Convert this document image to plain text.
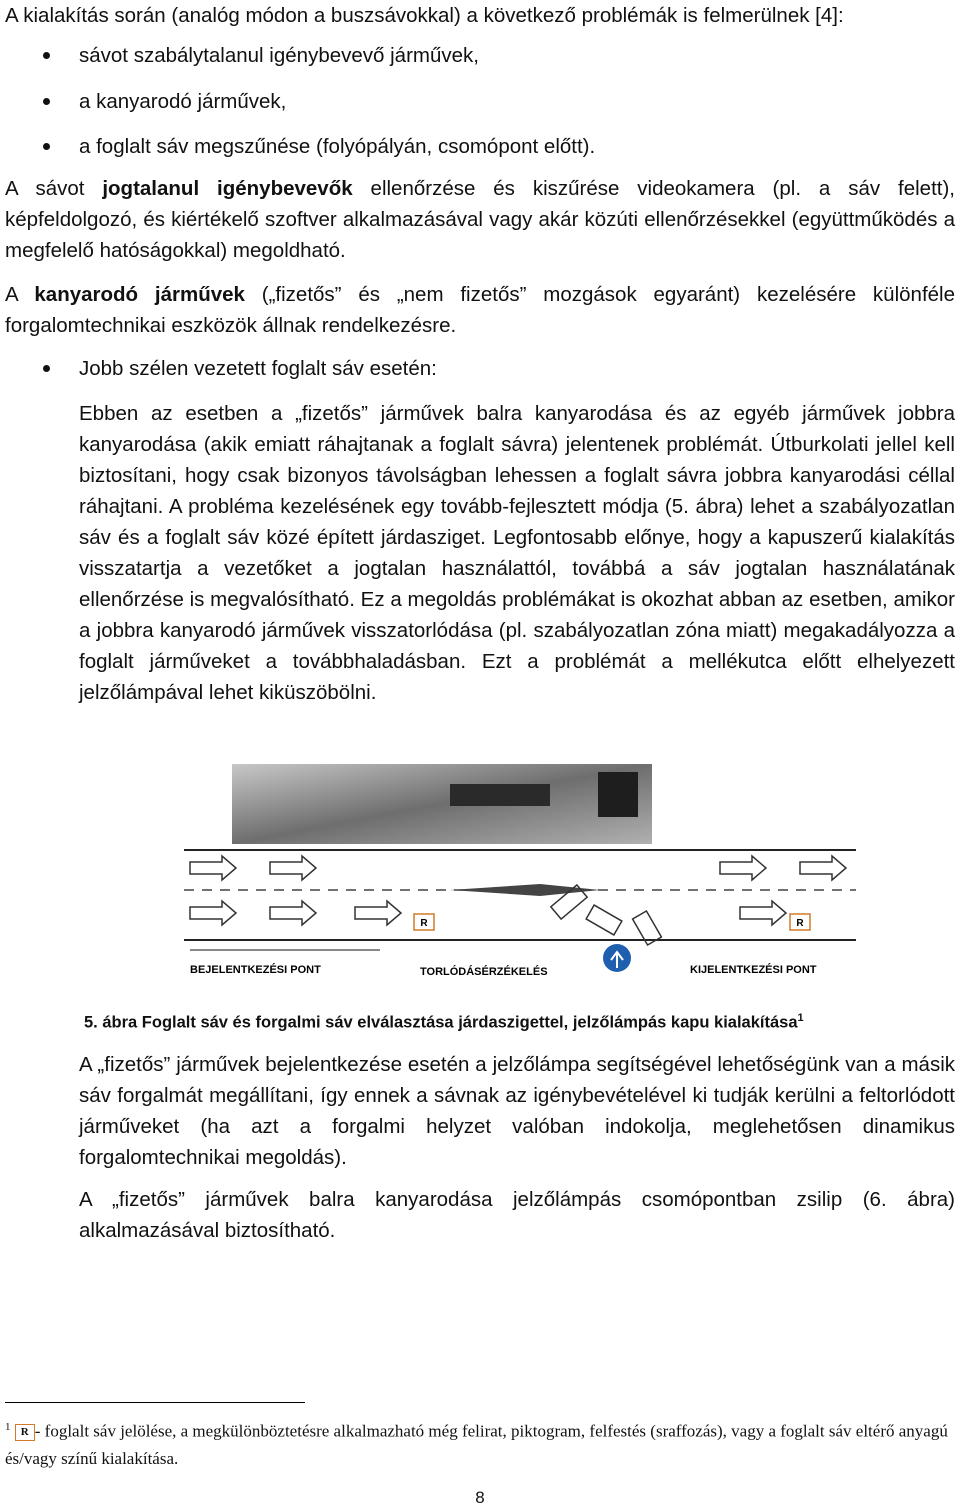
A kialakítás során (analóg módon a buszsávokkal) a következő problémák is felmerülnek [4]:

sávot szabálytalanul igénybevevő járművek,
a kanyarodó járművek,
a foglalt sáv megszűnése (folyópályán, csomópont előtt).

A sávot jogtalanul igénybevevők ellenőrzése és kiszűrése videokamera (pl. a sáv felett), képfeldolgozó, és kiértékelő szoftver alkalmazásával vagy akár közúti ellenőrzésekkel (együttműködés a megfelelő hatóságokkal) megoldható.

A kanyarodó járművek („fizetős” és „nem fizetős” mozgások egyaránt) kezelésére különféle forgalomtechnikai eszközök állnak rendelkezésre.

Jobb szélen vezetett foglalt sáv esetén:

Ebben az esetben a „fizetős” járművek balra kanyarodása és az egyéb járművek jobbra kanyarodása (akik emiatt ráhajtanak a foglalt sávra) jelentenek problémát. Útburkolati jellel kell biztosítani, hogy csak bizonyos távolságban lehessen a foglalt sávra jobbra kanyarodási céllal ráhajtani. A probléma kezelésének egy tovább-fejlesztett módja (5. ábra) lehet a szabályozatlan sáv és a foglalt sáv közé épített járdasziget. Legfontosabb előnye, hogy a kapuszerű kialakítás visszatartja a vezetőket a jogtalan használattól, továbbá a sáv jogtalan használatának ellenőrzése is megvalósítható. Ez a megoldás problémákat is okozhat abban az esetben, amikor a jobbra kanyarodó járművek visszatorlódása (pl. szabályozatlan zóna miatt) megakadályozza a foglalt járműveket a továbbhaladásban. Ezt a problémát a mellékutca előtt elhelyezett jelzőlámpával lehet kiküszöbölni.

R	R
BEJELENTKEZÉSI PONT	TORLÓDÁSÉRZÉKELÉS	KIJELENTKEZÉSI PONT
5. ábra Foglalt sáv és forgalmi sáv elválasztása járdaszigettel, jelzőlámpás kapu kialakítása$^1$

A „fizetős” járművek bejelentkezése esetén a jelzőlámpa segítségével lehetőségünk van a másik sáv forgalmát megállítani, így ennek a sávnak az igénybevételével ki tudják kerülni a feltorlódott járműveket (ha azt a forgalmi helyzet valóban indokolja, meglehetősen dinamikus forgalomtechnikai megoldás).

A „fizetős” járművek balra kanyarodása jelzőlámpás csomópontban zsilip (6. ábra) alkalmazásával biztosítható.

$^1$ R - foglalt sáv jelölése, a megkülönböztetésre alkalmazható még felirat, piktogram, felfestés (sraffozás), vagy a foglalt sáv eltérő anyagú és/vagy színű kialakítása.
8
